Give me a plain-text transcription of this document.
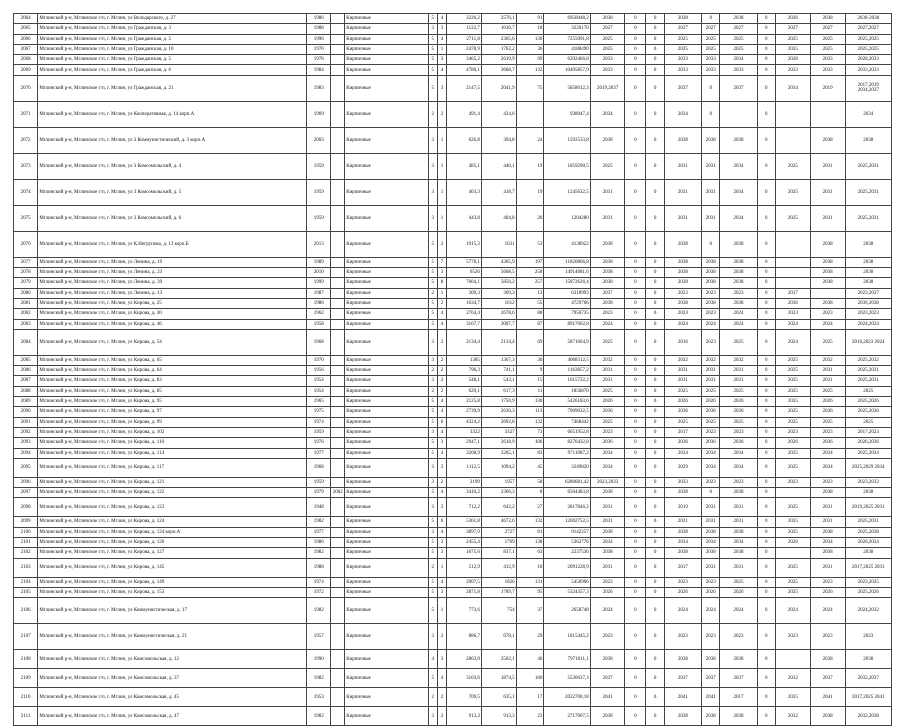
2064	Мглинский р-н, Мглинское г/п, г. Мглин, ул Володарского, д. 27	1986		Кирпичные	5	4	3226,2	2576,1	91	6956048,2	2038	0	0	2038	0	2038	0	2036	2038	2036-2038
2065	Мглинский р-н, Мглинское г/п, г. Мглин, ул Гражданская, д. 3	1988		Кирпичные	3	3	1122,7	1010,7	18	3220170	2027	0	0	2027	2027	2027	0	2027	2027	2027,2027
2066	Мглинский р-н, Мглинское г/п, г. Мглин, ул Гражданская, д. 5	1996		Кирпичные	5	4	2711,8	2365,6	130	7255091,8	2025	0	0	2025	2025	2025	0	2025	2025	2025,2025
2067	Мглинский р-н, Мглинское г/п, г. Мглин, ул Гражданская, д. 10	1970		Кирпичные	5	1	2478,9	1762,2	36	4188490	2025	0	0	2025	2025	2025	0	2025	2025	2025,2025
2068	Мглинский р-н, Мглинское г/п, г. Мглин, ул Гражданская, д. 5	1978		Кирпичные	5	3	3465,2	2619,9	99	6392466,8	2033	0	0	2033	2033	2034	0	2028	2033	2028,2033
2069	Мглинский р-н, Мглинское г/п, г. Мглин, ул Гражданская, д. 6	1984		Кирпичные	5	4	4780,1	3668,7	132	10405857,9	2033	0	0	2033	2033	2033	0	2033	2033	2033,2033
2070	Мглинский р-н, Мглинское г/п, г. Мглин, ул Гражданская, д. 21	1983		Кирпичные	5	3	2147,5	2041,9	75	5858012,3	2019,2037	0	0	2037	0	2037	0	2034	2019	2017,2019 2034,2037
2071	Мглинский р-н, Мглинское г/п, г. Мглин, ул Кооперативная, д. 14 корп.А	1969		Кирпичные	2	2	491,4	434,6		938047,4	2034	0	0	2034	0		0			2034
2072	Мглинский р-н, Мглинское г/п, г. Мглин, ул 3 Коммунистический, д. 3 корп.А	2003		Кирпичные	3	1	626,8	394,8	24	1592533,8	2038	0	0	2038	2038	2038	0		2038	2038
2073	Мглинский р-н, Мглинское г/п, г. Мглин, ул 3 Комсомольский, д. 4	1959		Кирпичные	3	1	485,1	440,1	19	1859290,5	2025	0	0	2031	2031	2034	0	2025	2031	2025,2031
2074	Мглинский р-н, Мглинское г/п, г. Мглин, ул 3 Комсомольский, д. 5	1959		Кирпичные	3	1	463,3	418,7	19	1245632,5	2031	0	0	2031	2031	2034	0	2025	2031	2025,2031
2075	Мглинский р-н, Мглинское г/п, г. Мглин, ул 3 Комсомольский, д. 6	1959		Кирпичные	3	1	443,8	404,8	20	1204280	2031	0	0	2031	2031	2034	0	2025	2031	2025,2031
2076	Мглинский р-н, Мглинское г/п, г. Мглин, ул К.Негрупова, д. 13 корп.Б	2013		Кирпичные	5	2	1915,3	1631	53	4138922	2038	0	0	2038	0	2038	0		2038	2038
2077	Мглинский р-н, Мглинское г/п, г. Мглин, ул Ленина, д. 19	1989		Кирпичные	5	7	5778,1	4305,9	197	11820866,8	2038	0	0	2038	2038	2038	0		2038	2038
2078	Мглинский р-н, Мглинское г/п, г. Мглин, ул Ленина, д. 23	2010		Кирпичные	5	3	6526	5668,5	258	14914081,6	2038	0	0	2038	2038	2038	0		2038	2038
2079	Мглинский р-н, Мглинское г/п, г. Мглин, ул Ленина, д. 39	1999		Кирпичные	5	8	7664,1	5856,2	257	15872626,4	2038	0	0	2038	2038	2038	0		2038	2038
2080	Мглинский р-н, Мглинское г/п, г. Мглин, ул Ленина, д. 13	1987		Кирпичные	2	1	369,3	369,3	13	6318993	2037	0	0	2023	2023	2023	0	2037		2023,2037
2081	Мглинский р-н, Мглинское г/п, г. Мглин, ул Кирова, д. 25	1986		Кирпичные	5	2	1634,7	1612	55	4729766	2038	0	0	2038	2038	2038	0	2036	2038	2036,2038
2082	Мглинский р-н, Мглинское г/п, г. Мглин, ул Кирова, д. 30	1962		Кирпичные	5	4	2764,4	2678,6	88	7956735	2023	0	0	2023	2023	2024	0	2023	2023	2023,2023
2083	Мглинский р-н, Мглинское г/п, г. Мглин, ул Кирова, д. 46	1958		Кирпичные	5	4	3167,7	3007,7	87	8917062,8	2024	0	0	2024	2024	2024	0	2024	2024	2024,2024
2084	Мглинский р-н, Мглинское г/п, г. Мглин, ул Кирова, д. 54	1968		Кирпичные	3	2	2134,4	2134,4	69	5871664,9	2025	0	0	2016	2023	2025	0	2024	2025	2016,2023 2024
2085	Мглинский р-н, Мглинское г/п, г. Мглин, ул Кирова, д. 65	1970		Кирпичные	3	2	1385	1367,3	36	4068312,5	2032	0	0	2032	2032	2032	0	2025	2032	2025,2032
2086	Мглинский р-н, Мглинское г/п, г. Мглин, ул Кирова, д. 64	1956		Кирпичные	2	2	796,3	741,1	9	1163857,2	2031	0	0	2031	2031	2031	0	2025	2031	2025,2031
2087	Мглинский р-н, Мглинское г/п, г. Мглин, ул Кирова, д. 83	1954		Кирпичные	3	2	548,1	543,1	15	1615722,2	2031	0	0	2031	2031	2031	0	2025	2031	2025,2031
2088	Мглинский р-н, Мглинское г/п, г. Мглин, ул Кирова, д. 85	1954		Кирпичные	2	2	629,1	617,3	11	1856870	2025	0	0	2025	2025	2025	0	2025	2025	2025
2089	Мглинский р-н, Мглинское г/п, г. Мглин, ул Кирова, д. 95	1965		Кирпичные	5	4	2125,8	1750,9	130	5426183,6	2026	0	0	2026	2026	2026	0	2025	2026	2025,2026
2090	Мглинский р-н, Мглинское г/п, г. Мглин, ул Кирова, д. 97	1975		Кирпичные	5	4	2739,9	2636,3	113	7909032,5	2036	0	0	2036	2036	2036	0	2025	2036	2025,2036
2091	Мглинский р-н, Мглинское г/п, г. Мглин, ул Кирова, д. 99	1974		Кирпичные	5	6	4324,2	2692,8	132	7468442	2025	0	0	2025	2025	2025	0	2025	2025	2025
2092	Мглинский р-н, Мглинское г/п, г. Мглин, ул Кирова, д. 102	1959		Кирпичные	3	4	3322	3327	73	6651952,8	2023	0	0	2017	2023	2023	0	2023	2023	2017,2023
2093	Мглинский р-н, Мглинское г/п, г. Мглин, ул Кирова, д. 110	1976		Кирпичные	5	3	2947,1	2618,9	106	8276432,8	2036	0	0	2036	2036	2036	0	2026	2036	2026,2036
2094	Мглинский р-н, Мглинское г/п, г. Мглин, ул Кирова, д. 114	1977		Кирпичные	5	4	3268,9	3265,1	83	9711087,2	2034	0	0	2034	2034	2034	0	2025	2034	2025,2034
2095	Мглинский р-н, Мглинское г/п, г. Мглин, ул Кирова, д. 117	1968		Кирпичные	3	2	1112,5	1094,2	45	3249820	2034	0	0	2029	2034	2034	0	2025	2034	2025,2029 2034
2096	Мглинский р-н, Мглинское г/п, г. Мглин, ул Кирова, д. 121	1959		Кирпичные	3	2	2199	1957	58	6280681,42	2023,2033	0	0	2033	2023	2023	0	2023	2023	2023,2033
2097	Мглинский р-н, Мглинское г/п, г. Мглин, ул Кирова, д. 122	1979	2002	Кирпичные	5	4	3410,2	2366,3	8	6504483,8	2038	0	0	2038	0	2038	0		2038	2038
2098	Мглинский р-н, Мглинское г/п, г. Мглин, ул Кирова, д. 123	1948		Кирпичные	3	2	712,2	642,2	27	2817846,2	2031	0	0	2019	2031	2031	0	2025	2031	2019,2025 2031
2099	Мглинский р-н, Мглинское г/п, г. Мглин, ул Кирова, д. 124	1982		Кирпичные	5	6	5361,8	4672,6	132	12692752,5	2031	0	0	2031	2031	2031	0	2025	2031	2025,2031
2100	Мглинский р-н, Мглинское г/п, г. Мглин, ул Кирова, д. 124 корп.А	1977		Кирпичные	3	4	3897,9	2727	81	9142257	2038	0	0	2038	2038	2038	0	2025	2038	2025,2038
2101	Мглинский р-н, Мглинское г/п, г. Мглин, ул Кирова, д. 126	1986		Кирпичные	5	3	2455,4	1769	138	5362776	2034	0	0	2034	2034	2034	0	2026	2034	2026,2034
2102	Мглинский р-н, Мглинское г/п, г. Мглин, ул Кирова, д. 127	1982		Кирпичные	5	3	1675,6	837,1	63	2237536	2038	0	0	2038	2038	2038	0		2038	2038
2103	Мглинский р-н, Мглинское г/п, г. Мглин, ул Кирова, д. 145	1988		Кирпичные	2	1	512,9	412,9	18	2091228,9	2031	0	0	2017	2031	2031	0	2025	2031	2017,2025 2031
2104	Мглинский р-н, Мглинское г/п, г. Мглин, ул Кирова, д. 149	1974		Кирпичные	5	4	2907,5	1826	131	5450906	2023	0	0	2023	2023	2025	0	2025	2023	2023,2025
2105	Мглинский р-н, Мглинское г/п, г. Мглин, ул Кирова, д. 153	1972		Кирпичные	5	3	2871,8	1789,7	95	5324357,3	2026	0	0	2026	2026	2026	0	2025	2026	2025,2026
2106	Мглинский р-н, Мглинское г/п, г. Мглин, ул Коммунистическая, д. 17	1982		Кирпичные	5	1	773,6	754	37	2658748	2024	0	0	2024	2024	2024	0	2024	2024	2024,2032
2107	Мглинский р-н, Мглинское г/п, г. Мглин, ул Коммунистическая, д. 21	1957		Кирпичные	3	2	886,7	678,1	29	1815445,2	2023	0	0	2023	2023	2023	0	2023	2023	2023
2108	Мглинский р-н, Мглинское г/п, г. Мглин, ул Комсомольская, д. 12	1990		Кирпичные	4	3	2863,9	2502,1	46	7971011,1	2038	0	0	2038	2038	2038	0		2038	2038
2109	Мглинский р-н, Мглинское г/п, г. Мглин, ул Комсомольская, д. 37	1982		Кирпичные	5	4	3103,6	1874,5	160	5536637,3	2037	0	0	2037	2037	2037	0	2032	2037	2032,2037
2110	Мглинский р-н, Мглинское г/п, г. Мглин, ул Комсомольская, д. 45	1953		Кирпичные	2	2	709,5	635,1	17	2032700,18	2041	0	0	2041	2041	2017	0	2025	2041	2017,2025 2041
2111	Мглинский р-н, Мглинское г/п, г. Мглин, ул Комсомольская, д. 47	1982		Кирпичные	3	2	913,3	913,3	23	2717007,5	2038	0	0	2038	2038	2038	0	2032	2038	2032,2038
